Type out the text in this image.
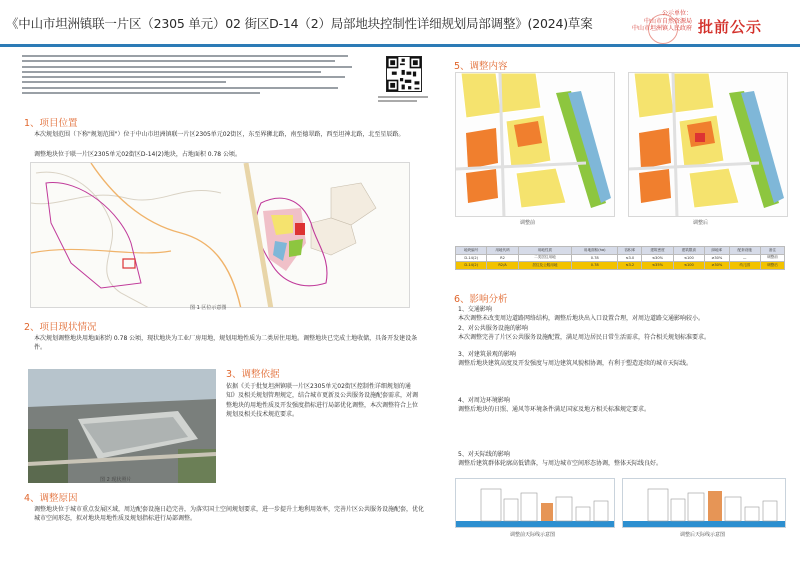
《中山市坦洲镇联一片区（2305 单元）02 街区D-14（2）局部地块控制性详细规划局部调整》(2024)草案
公示单位：
中山市自然资源局
中山市坦洲镇人民政府 批前公示
1、项目位置
本次规划范围（下称"规划范围"）位于中山市坦洲镇联一片区2305单元02街区，东至界狮北路，南至德翠路，西至坦神北路，北至星辰路。
调整地块位于联一片区2305单元02街区D-14(2)地块，占地面积 0.78 公顷。
图 1 区位示意图
2、项目现状情况
本次规划调整地块用地面积约 0.78 公顷，现状地块为工业厂房用地，规划用地性质为二类居住用地。调整地块已完成土地收储，具备开发建设条件。
图 2 现状照片
3、调整依据
依据《关于批复坦洲镇联一片区2305单元02街区控制性详细规划的通知》及相关规划管理规定，结合城市更新及公共服务设施配套需求，对调整地块的用地性质及开发强度指标进行局部优化调整，本次调整符合上位规划及相关技术规范要求。
4、调整原因
调整地块位于城市重点发展区域，周边配套设施日趋完善，为落实国土空间规划要求，进一步提升土地利用效率，完善片区公共服务设施配套，优化城市空间形态，拟对地块用地性质及规划指标进行局部调整。
5、调整内容
调整前	调整后
地块编号	用地代码	用地性质	用地面积(ha)	容积率	建筑密度	建筑限高	绿地率	配套设施	备注
D-14(2)	R2	二类居住用地	0.78	≤3.0	≤30%	≤100	≥30%	—	调整前
D-14(2)	R2/A	居住及公服用地	0.78	≤3.2	≤35%	≤100	≥30%	幼儿园	调整后
6、影响分析
1、交通影响
本次调整未改变周边道路网络结构，调整后地块出入口设置合理，对周边道路交通影响较小。
2、对公共服务设施的影响
本次调整完善了片区公共服务设施配置，满足周边居民日常生活需求，符合相关规划标准要求。
3、对建筑景观的影响
调整后地块建筑高度及开发强度与周边建筑风貌相协调，有利于塑造连续的城市天际线。
4、对周边环境影响
调整后地块的日照、通风等环境条件满足国家及地方相关标准规定要求。
5、对天际线的影响
调整后建筑群体轮廓高低错落，与周边城市空间形态协调，整体天际线良好。
调整前天际线示意图	调整后天际线示意图
